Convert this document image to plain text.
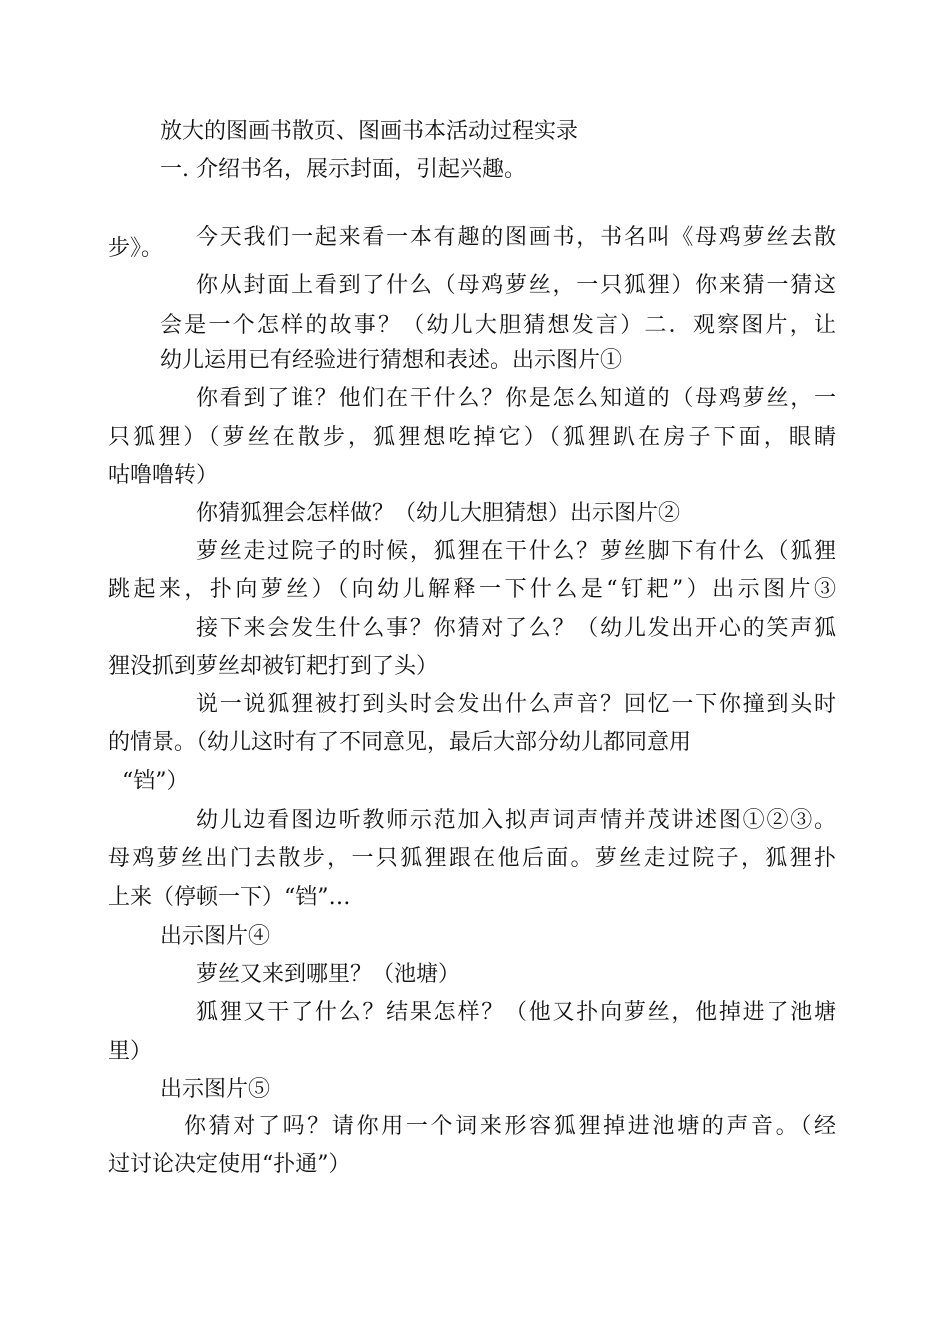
放大的图画书散页、图画书本活动过程实录

一. 介绍书名，展示封面，引起兴趣。

今天我们一起来看一本有趣的图画书，书名叫《母鸡萝丝去散

步》。

你从封面上看到了什么（母鸡萝丝，一只狐狸）你来猜一猜这

会是一个怎样的故事？（幼儿大胆猜想发言）二．观察图片，让

幼儿运用已有经验进行猜想和表述。出示图片①

你看到了谁？他们在干什么？你是怎么知道的（母鸡萝丝，一

只狐狸）（萝丝在散步，狐狸想吃掉它）（狐狸趴在房子下面，眼睛

咕噜噜转）

你猜狐狸会怎样做？（幼儿大胆猜想）出示图片②

萝丝走过院子的时候，狐狸在干什么？萝丝脚下有什么（狐狸

跳起来，扑向萝丝）（向幼儿解释一下什么是“钉耙”）出示图片③

接下来会发生什么事？你猜对了么？（幼儿发出开心的笑声狐

狸没抓到萝丝却被钉耙打到了头）

说一说狐狸被打到头时会发出什么声音？回忆一下你撞到头时

的情景。（幼儿这时有了不同意见，最后大部分幼儿都同意用

“铛”）

幼儿边看图边听教师示范加入拟声词声情并茂讲述图①②③。

母鸡萝丝出门去散步，一只狐狸跟在他后面。萝丝走过院子，狐狸扑

上来（停顿一下）“铛”…

出示图片④

萝丝又来到哪里？（池塘）

狐狸又干了什么？结果怎样？（他又扑向萝丝，他掉进了池塘

里）

出示图片⑤

你猜对了吗？请你用一个词来形容狐狸掉进池塘的声音。（经

过讨论决定使用“扑通”）
